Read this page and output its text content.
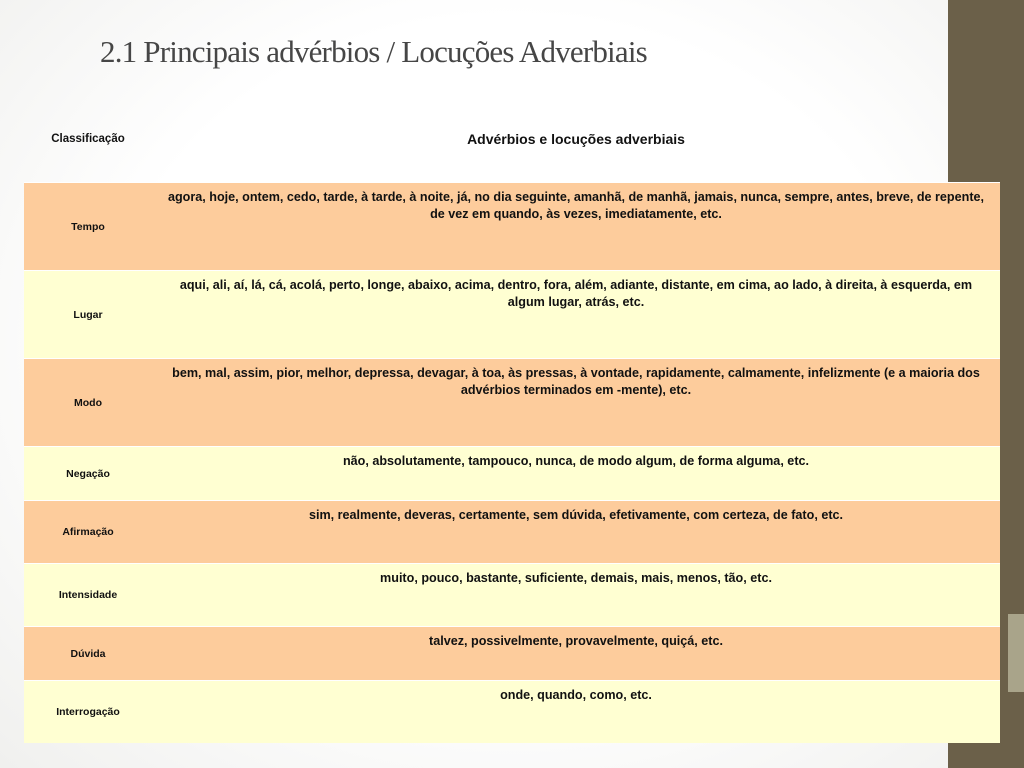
2.1 Principais advérbios / Locuções Adverbiais
Classificação	Advérbios e locuções adverbiais
Tempo
agora, hoje, ontem, cedo, tarde, à tarde, à noite, já, no dia seguinte, amanhã, de manhã, jamais, nunca, sempre, antes, breve, de repente, de vez em quando, às vezes, imediatamente, etc.
Lugar
aqui, ali, aí, lá, cá, acolá, perto, longe, abaixo, acima, dentro, fora, além, adiante, distante, em cima, ao lado, à direita, à esquerda, em algum lugar, atrás, etc.
Modo
bem, mal, assim, pior, melhor, depressa, devagar, à toa, às pressas, à vontade, rapidamente, calmamente, infelizmente (e a maioria dos advérbios terminados em -mente), etc.
Negação
não, absolutamente, tampouco, nunca, de modo algum, de forma alguma, etc.
Afirmação
sim, realmente, deveras, certamente, sem dúvida, efetivamente, com certeza, de fato, etc.
Intensidade
muito, pouco, bastante, suficiente, demais, mais, menos, tão, etc.
Dúvida
talvez, possivelmente, provavelmente, quiçá, etc.
Interrogação
onde, quando, como, etc.
